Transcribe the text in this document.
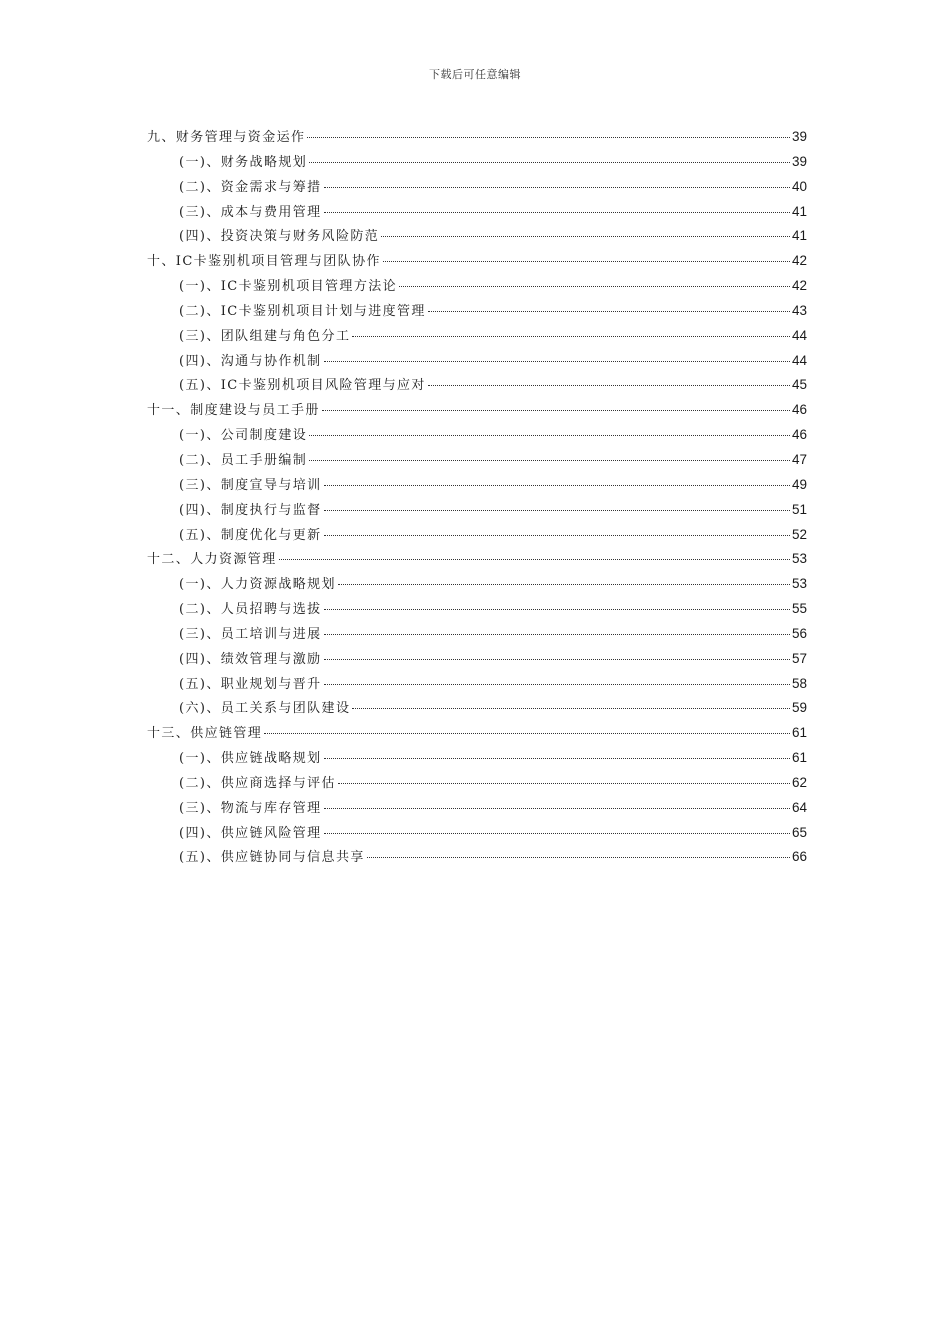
下载后可任意编辑
九、财务管理与资金运作	39
(一)、财务战略规划	39
(二)、资金需求与筹措	40
(三)、成本与费用管理	41
(四)、投资决策与财务风险防范	41
十、IC卡鉴别机项目管理与团队协作	42
(一)、IC卡鉴别机项目管理方法论	42
(二)、IC卡鉴别机项目计划与进度管理	43
(三)、团队组建与角色分工	44
(四)、沟通与协作机制	44
(五)、IC卡鉴别机项目风险管理与应对	45
十一、制度建设与员工手册	46
(一)、公司制度建设	46
(二)、员工手册编制	47
(三)、制度宣导与培训	49
(四)、制度执行与监督	51
(五)、制度优化与更新	52
十二、人力资源管理	53
(一)、人力资源战略规划	53
(二)、人员招聘与选拔	55
(三)、员工培训与进展	56
(四)、绩效管理与激励	57
(五)、职业规划与晋升	58
(六)、员工关系与团队建设	59
十三、供应链管理	61
(一)、供应链战略规划	61
(二)、供应商选择与评估	62
(三)、物流与库存管理	64
(四)、供应链风险管理	65
(五)、供应链协同与信息共享	66
